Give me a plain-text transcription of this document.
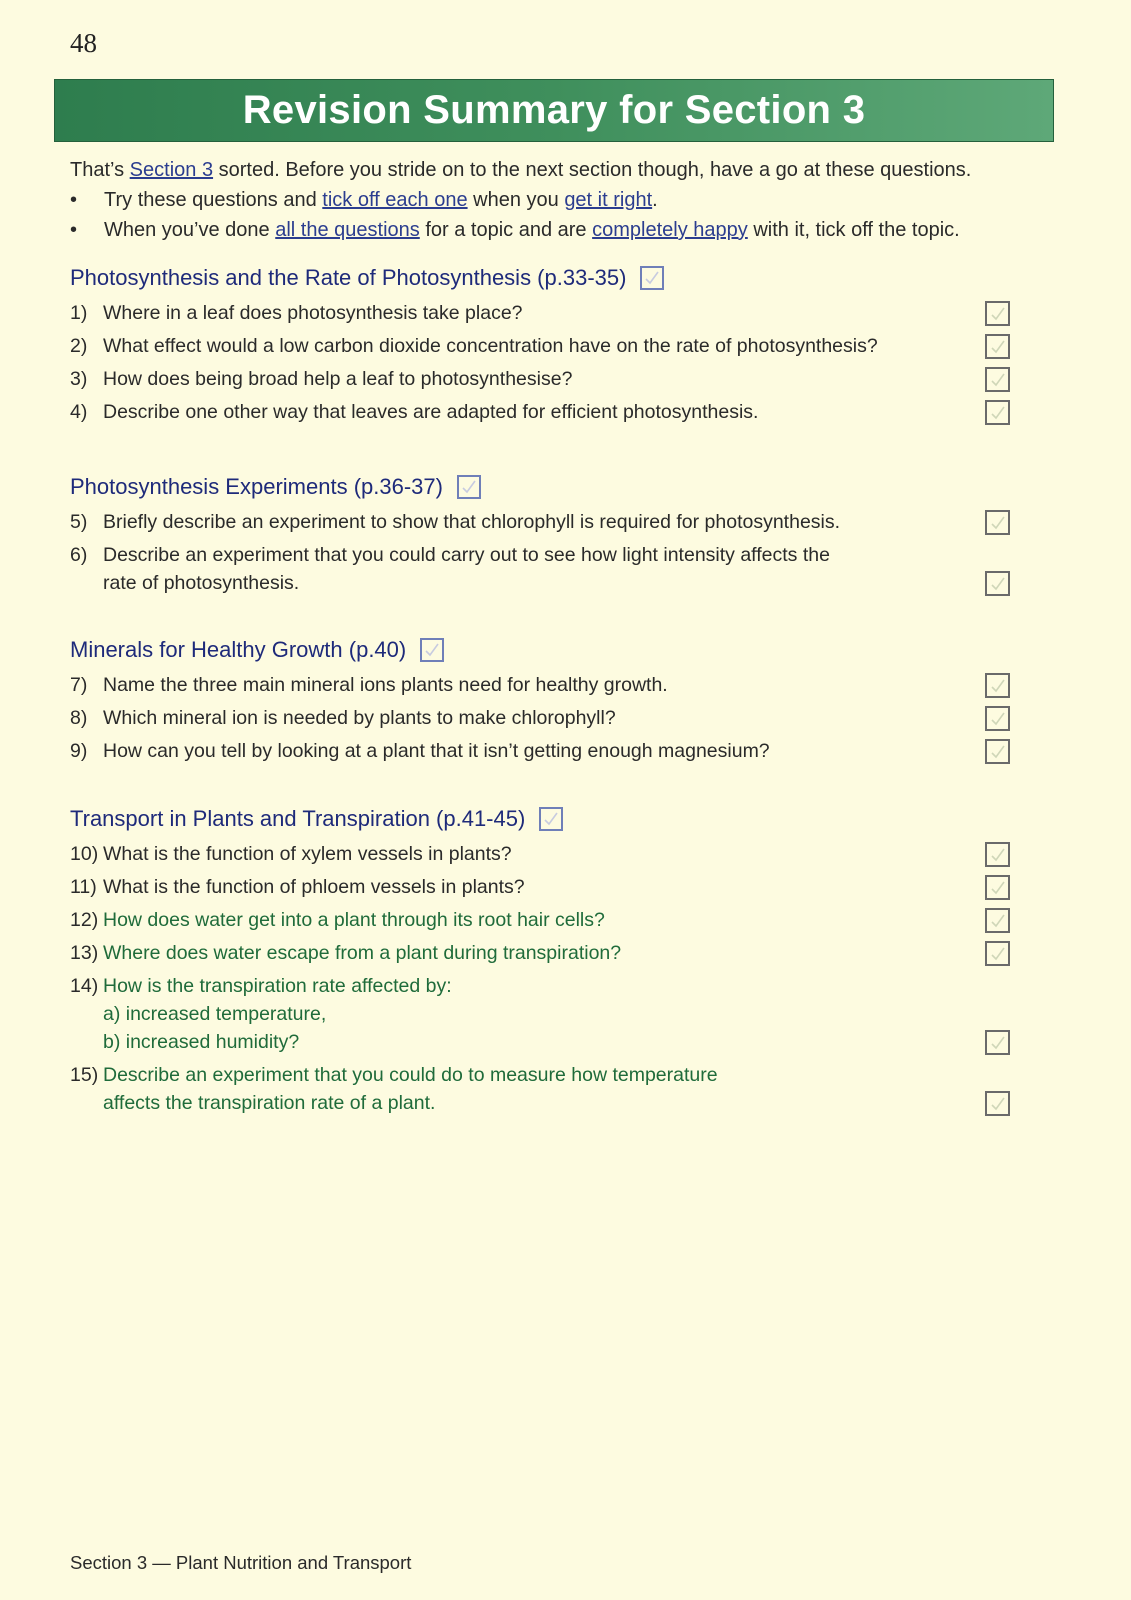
48
Revision Summary for Section 3

That’s Section 3 sorted. Before you stride on to the next section though, have a go at these questions.

• Try these questions and tick off each one when you get it right.
• When you’ve done all the questions for a topic and are completely happy with it, tick off the topic.
Photosynthesis and the Rate of Photosynthesis (p.33-35)
1) Where in a leaf does photosynthesis take place?
2) What effect would a low carbon dioxide concentration have on the rate of photosynthesis?
3) How does being broad help a leaf to photosynthesise?
4) Describe one other way that leaves are adapted for efficient photosynthesis.
Photosynthesis Experiments (p.36-37)
5) Briefly describe an experiment to show that chlorophyll is required for photosynthesis.
6) Describe an experiment that you could carry out to see how light intensity affects the
rate of photosynthesis.
Minerals for Healthy Growth (p.40)
7) Name the three main mineral ions plants need for healthy growth.
8) Which mineral ion is needed by plants to make chlorophyll?
9) How can you tell by looking at a plant that it isn’t getting enough magnesium?
Transport in Plants and Transpiration (p.41-45)
10) What is the function of xylem vessels in plants?
11) What is the function of phloem vessels in plants?
12) How does water get into a plant through its root hair cells?
13) Where does water escape from a plant during transpiration?
14) How is the transpiration rate affected by:
a) increased temperature,
b) increased humidity?
15) Describe an experiment that you could do to measure how temperature
affects the transpiration rate of a plant.
Section 3 — Plant Nutrition and Transport
